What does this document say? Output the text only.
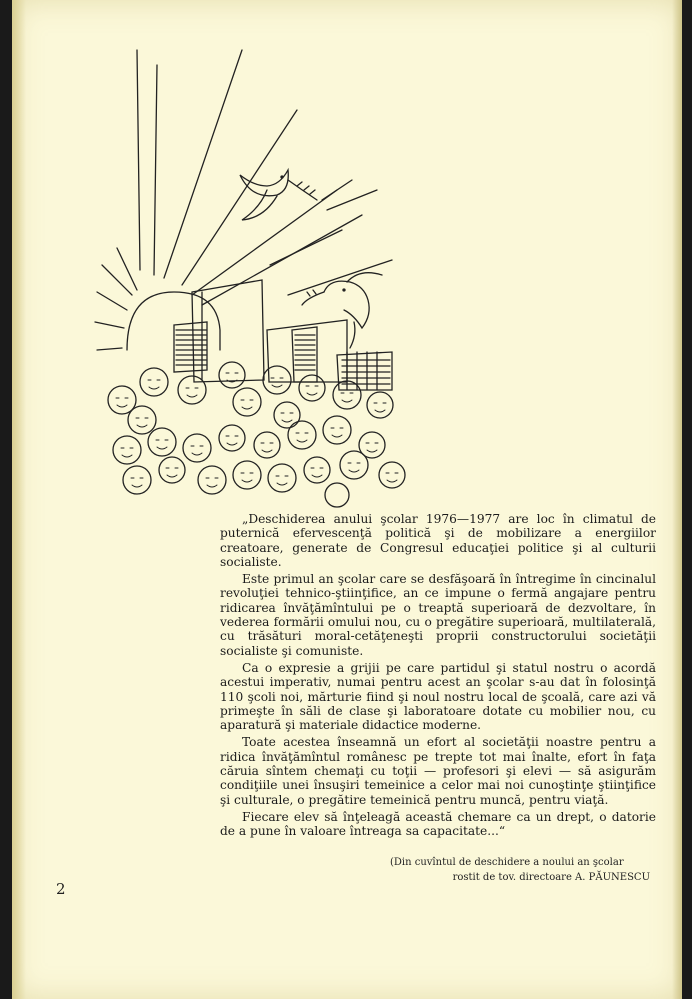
„Deschiderea anului şcolar 1976—1977 are loc în climatul de puternică efervescenţă politică şi de mobilizare a energiilor creatoare, generate de Congresul educaţiei politice şi al culturii socialiste.

Este primul an şcolar care se desfăşoară în întregime în cincinalul revoluţiei tehnico-ştiinţifice, an ce impune o fermă angajare pentru ridicarea învăţămîntului pe o treaptă superioară de dezvoltare, în vederea formării omului nou, cu o pregătire superioară, multilaterală, cu trăsături moral-cetăţeneşti proprii constructorului societăţii socialiste şi comuniste.

Ca o expresie a grijii pe care partidul şi statul nostru o acordă acestui imperativ, numai pentru acest an şcolar s-au dat în folosinţă 110 şcoli noi, mărturie fiind şi noul nostru local de şcoală, care azi vă primeşte în săli de clase şi laboratoare dotate cu mobilier nou, cu aparatură şi materiale didactice moderne.

Toate acestea înseamnă un efort al societăţii noastre pentru a ridica învăţămîntul românesc pe trepte tot mai înalte, efort în faţa căruia sîntem chemaţi cu toţii — profesori şi elevi — să asigurăm condiţiile unei însuşiri temeinice a celor mai noi cunoştinţe ştiinţifice şi culturale, o pregătire temeinică pentru muncă, pentru viaţă.

Fiecare elev să înţeleagă această chemare ca un drept, o datorie de a pune în valoare întreaga sa capacitate...“

(Din cuvîntul de deschidere a noului an şcolar
rostit de tov. directoare A. PĂUNESCU
2
